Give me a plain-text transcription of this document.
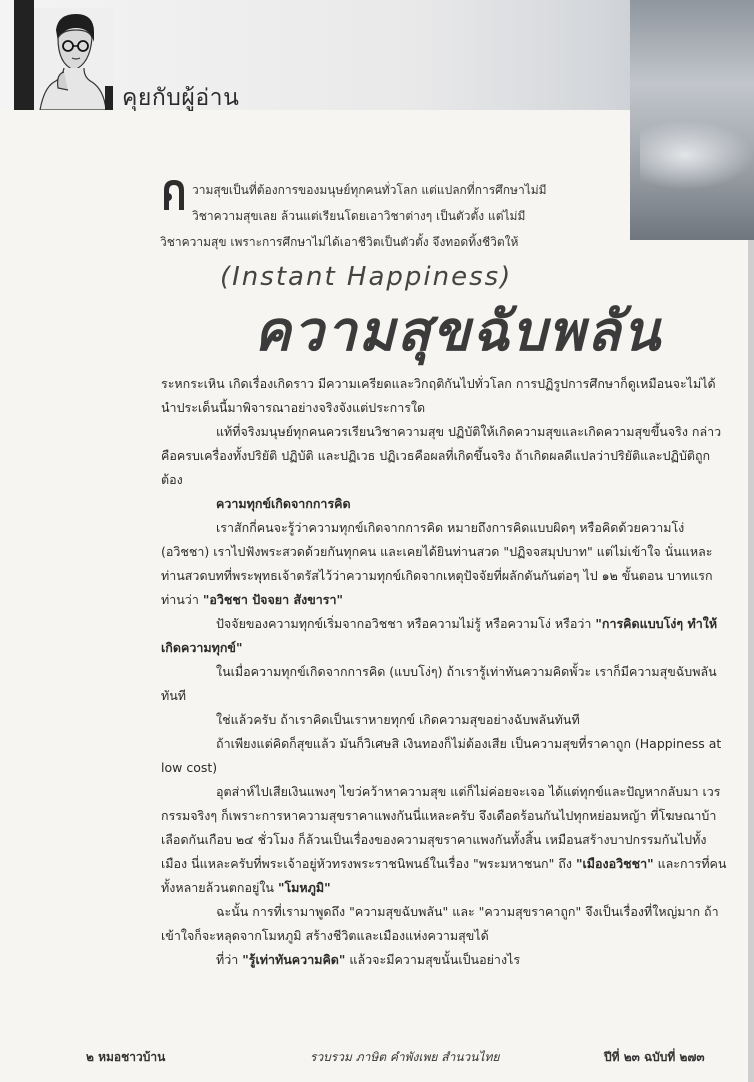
คุยกับผู้อ่าน
วามสุขเป็นที่ต้องการของมนุษย์ทุกคนทั่วโลก แต่แปลกที่การศึกษาไม่มี
วิชาความสุขเลย ล้วนแต่เรียนโดยเอาวิชาต่างๆ เป็นตัวตั้ง แต่ไม่มี
วิชาความสุข เพราะการศึกษาไม่ได้เอาชีวิตเป็นตัวตั้ง จึงทอดทิ้งชีวิตให้
(Instant Happiness)
ความสุขฉับพลัน

ระหกระเหิน เกิดเรื่องเกิดราว มีความเครียดและวิกฤติกันไปทั่วโลก การปฏิรูปการศึกษาก็ดูเหมือนจะไม่ได้นำประเด็นนี้มาพิจารณาอย่างจริงจังแต่ประการใด

แท้ที่จริงมนุษย์ทุกคนควรเรียนวิชาความสุข ปฏิบัติให้เกิดความสุขและเกิดความสุขขึ้นจริง กล่าวคือครบเครื่องทั้งปริยัติ ปฏิบัติ และปฏิเวธ ปฏิเวธคือผลที่เกิดขึ้นจริง ถ้าเกิดผลดีแปลว่าปริยัติและปฏิบัติถูกต้อง

ความทุกข์เกิดจากการคิด

เราสักกี่คนจะรู้ว่าความทุกข์เกิดจากการคิด หมายถึงการคิดแบบผิดๆ หรือคิดด้วยความโง่ (อวิชชา) เราไปฟังพระสวดด้วยกันทุกคน และเคยได้ยินท่านสวด "ปฏิจจสมุปบาท" แต่ไม่เข้าใจ นั่นแหละท่านสวดบทที่พระพุทธเจ้าตรัสไว้ว่าความทุกข์เกิดจากเหตุปัจจัยที่ผลักดันกันต่อๆ ไป ๑๒ ขั้นตอน บาทแรกท่านว่า "อวิชชา ปัจจยา สังขารา"

ปัจจัยของความทุกข์เริ่มจากอวิชชา หรือความไม่รู้ หรือความโง่ หรือว่า "การคิดแบบโง่ๆ ทำให้เกิดความทุกข์"

ในเมื่อความทุกข์เกิดจากการคิด (แบบโง่ๆ) ถ้าเรารู้เท่าทันความคิดพั้วะ เราก็มีความสุขฉับพลันทันที

ใช่แล้วครับ ถ้าเราคิดเป็นเราหายทุกข์ เกิดความสุขอย่างฉับพลันทันที

ถ้าเพียงแต่คิดก็สุขแล้ว มันก็วิเศษสิ เงินทองก็ไม่ต้องเสีย เป็นความสุขที่ราคาถูก (Happiness at low cost)

อุตส่าห์ไปเสียเงินแพงๆ ไขว่คว้าหาความสุข แต่ก็ไม่ค่อยจะเจอ ได้แต่ทุกข์และปัญหากลับมา เวรกรรมจริงๆ ก็เพราะการหาความสุขราคาแพงกันนี่แหละครับ จึงเดือดร้อนกันไปทุกหย่อมหญ้า ที่โฆษณาบ้าเลือดกันเกือบ ๒๔ ชั่วโมง ก็ล้วนเป็นเรื่องของความสุขราคาแพงกันทั้งสิ้น เหมือนสร้างบาปกรรมกันไปทั้งเมือง นี่แหละครับที่พระเจ้าอยู่หัวทรงพระราชนิพนธ์ในเรื่อง "พระมหาชนก" ถึง "เมืองอวิชชา" และการที่คนทั้งหลายล้วนตกอยู่ใน "โมหภูมิ"

ฉะนั้น การที่เรามาพูดถึง "ความสุขฉับพลัน" และ "ความสุขราคาถูก" จึงเป็นเรื่องที่ใหญ่มาก ถ้าเข้าใจก็จะหลุดจากโมหภูมิ สร้างชีวิตและเมืองแห่งความสุขได้

ที่ว่า "รู้เท่าทันความคิด" แล้วจะมีความสุขนั้นเป็นอย่างไร

๒ หมอชาวบ้าน	รวบรวม ภาษิต คำพังเพย สำนวนไทย	ปีที่ ๒๓ ฉบับที่ ๒๗๓
